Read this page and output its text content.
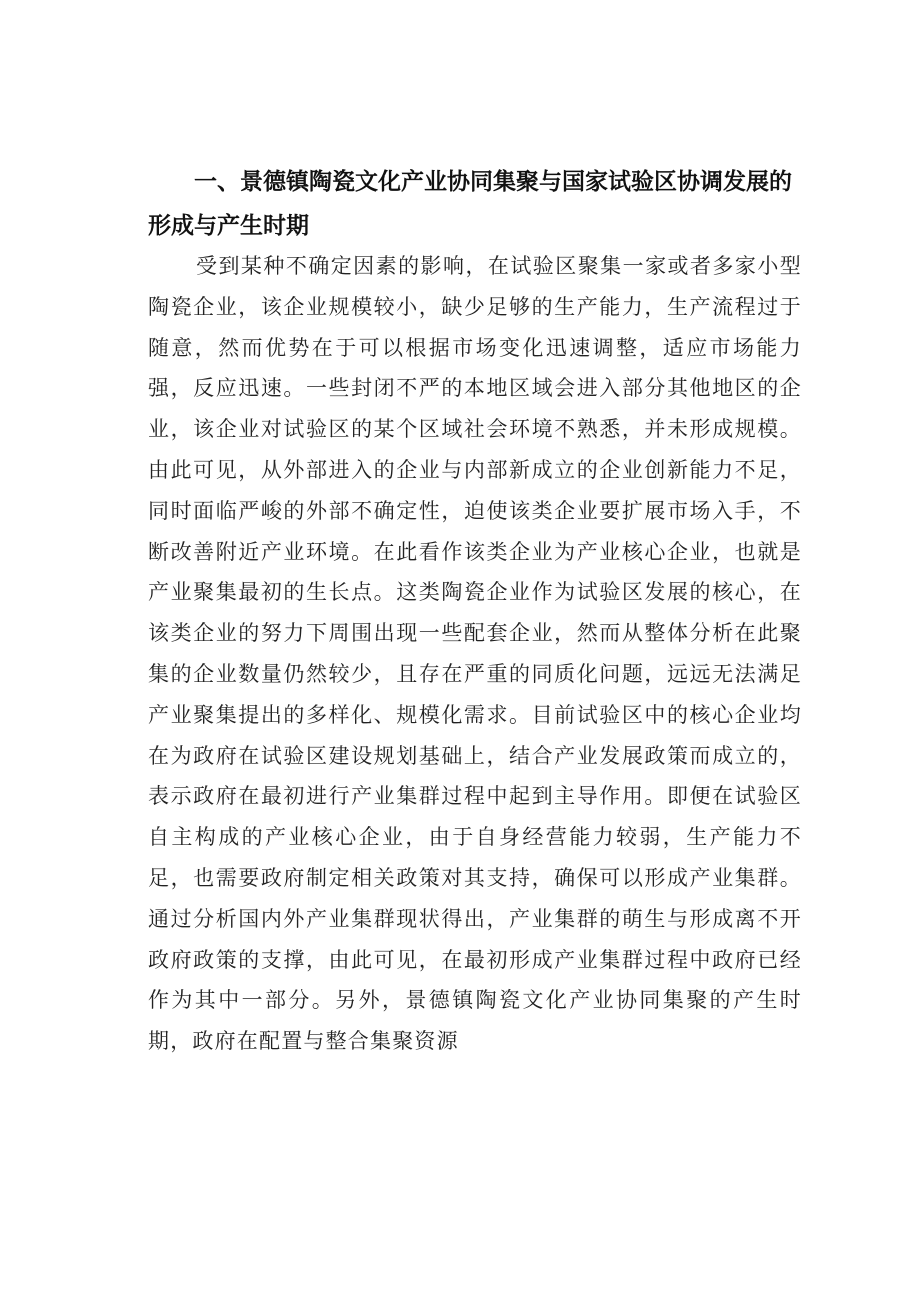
一、景德镇陶瓷文化产业协同集聚与国家试验区协调发展的形成与产生时期

受到某种不确定因素的影响，在试验区聚集一家或者多家小型陶瓷企业，该企业规模较小，缺少足够的生产能力，生产流程过于随意，然而优势在于可以根据市场变化迅速调整，适应市场能力强，反应迅速。一些封闭不严的本地区域会进入部分其他地区的企业，该企业对试验区的某个区域社会环境不熟悉，并未形成规模。由此可见，从外部进入的企业与内部新成立的企业创新能力不足，同时面临严峻的外部不确定性，迫使该类企业要扩展市场入手，不断改善附近产业环境。在此看作该类企业为产业核心企业，也就是产业聚集最初的生长点。这类陶瓷企业作为试验区发展的核心，在该类企业的努力下周围出现一些配套企业，然而从整体分析在此聚集的企业数量仍然较少，且存在严重的同质化问题，远远无法满足产业聚集提出的多样化、规模化需求。目前试验区中的核心企业均在为政府在试验区建设规划基础上，结合产业发展政策而成立的，表示政府在最初进行产业集群过程中起到主导作用。即便在试验区自主构成的产业核心企业，由于自身经营能力较弱，生产能力不足，也需要政府制定相关政策对其支持，确保可以形成产业集群。通过分析国内外产业集群现状得出，产业集群的萌生与形成离不开政府政策的支撑，由此可见，在最初形成产业集群过程中政府已经作为其中一部分。另外，景德镇陶瓷文化产业协同集聚的产生时期，政府在配置与整合集聚资源
